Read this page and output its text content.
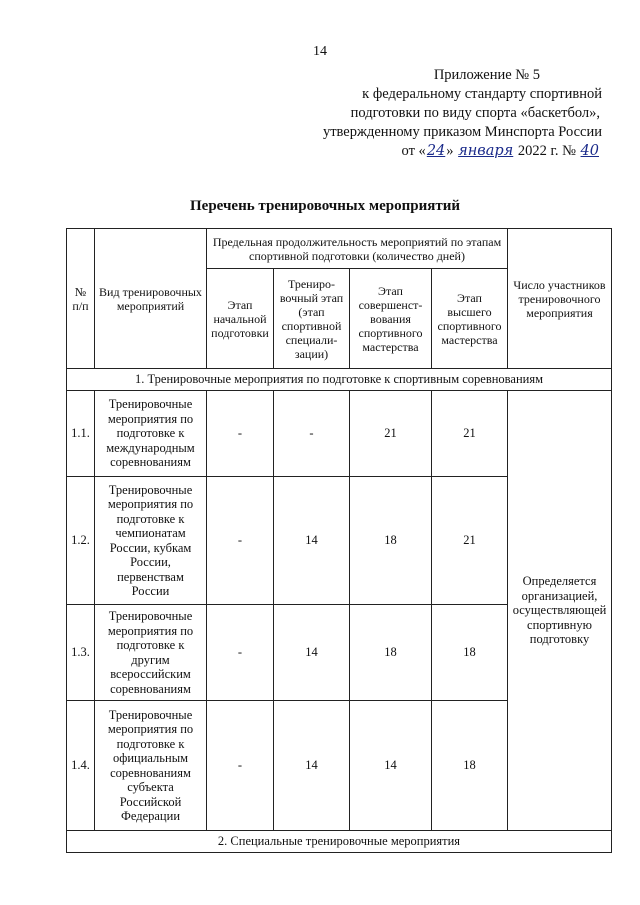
14
Приложение № 5
к федеральному стандарту спортивной
подготовки по виду спорта «баскетбол»,
утвержденному приказом Минспорта России
от «24» января 2022 г. № 40
Перечень тренировочных мероприятий
№ п/п	Вид тренировочных мероприятий	Предельная продолжительность мероприятий по этапам спортивной подготовки (количество дней)				Число участников тренировочного мероприятия
		Этап начальной подготовки	Трениро-вочный этап (этап спортивной специали-зации)	Этап совершенст-вования спортивного мастерства	Этап высшего спортивного мастерства	
1. Тренировочные мероприятия по подготовке к спортивным соревнованиям						
1.1.	Тренировочные мероприятия по подготовке к международным соревнованиям	-	-	21	21	Определяется организацией, осуществляющей спортивную подготовку
1.2.	Тренировочные мероприятия по подготовке к чемпионатам России, кубкам России, первенствам России	-	14	18	21	
1.3.	Тренировочные мероприятия по подготовке к другим всероссийским соревнованиям	-	14	18	18	
1.4.	Тренировочные мероприятия по подготовке к официальным соревнованиям субъекта Российской Федерации	-	14	14	18	
2. Специальные тренировочные мероприятия						
